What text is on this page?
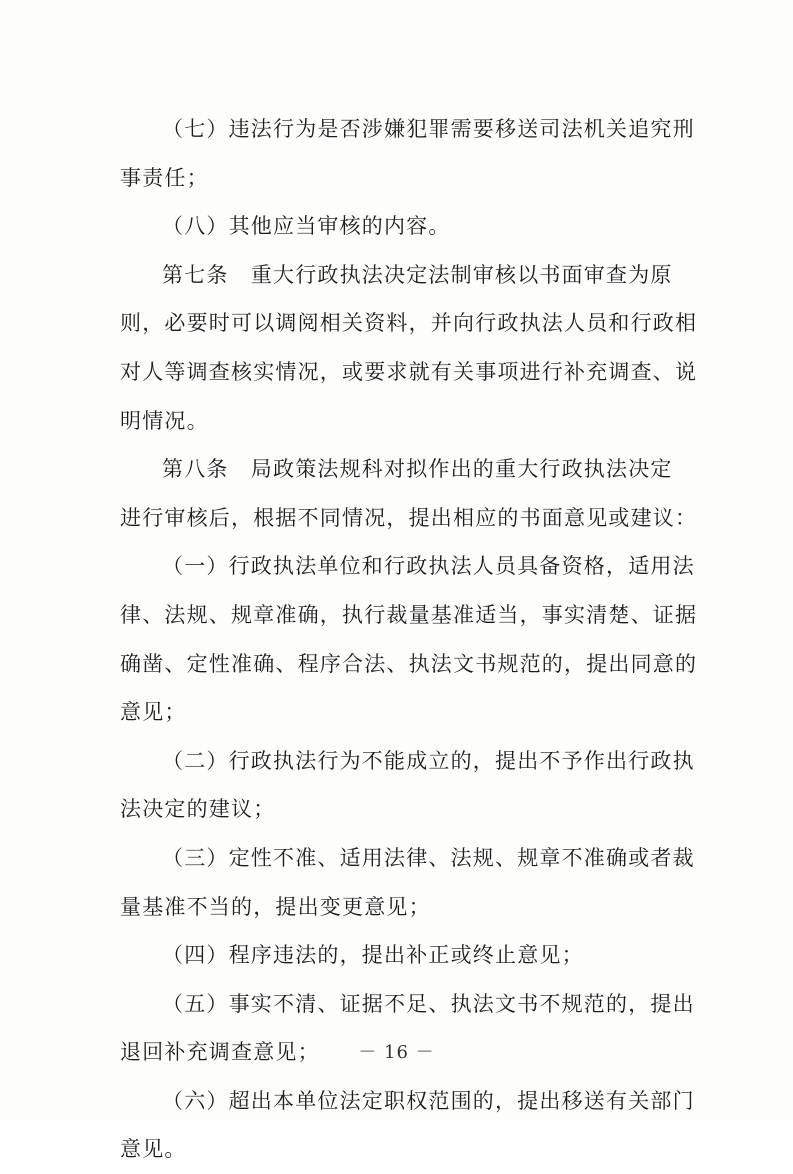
（七）违法行为是否涉嫌犯罪需要移送司法机关追究刑
事责任；
（八）其他应当审核的内容。
第七条　重大行政执法决定法制审核以书面审查为原
则，必要时可以调阅相关资料，并向行政执法人员和行政相
对人等调查核实情况，或要求就有关事项进行补充调查、说
明情况。
第八条　局政策法规科对拟作出的重大行政执法决定
进行审核后，根据不同情况，提出相应的书面意见或建议：
（一）行政执法单位和行政执法人员具备资格，适用法
律、法规、规章准确，执行裁量基准适当，事实清楚、证据
确凿、定性准确、程序合法、执法文书规范的，提出同意的
意见；
（二）行政执法行为不能成立的，提出不予作出行政执
法决定的建议；
（三）定性不准、适用法律、法规、规章不准确或者裁
量基准不当的，提出变更意见；
（四）程序违法的，提出补正或终止意见；
（五）事实不清、证据不足、执法文书不规范的，提出
退回补充调查意见；
（六）超出本单位法定职权范围的，提出移送有关部门
意见。
－ 16 －
